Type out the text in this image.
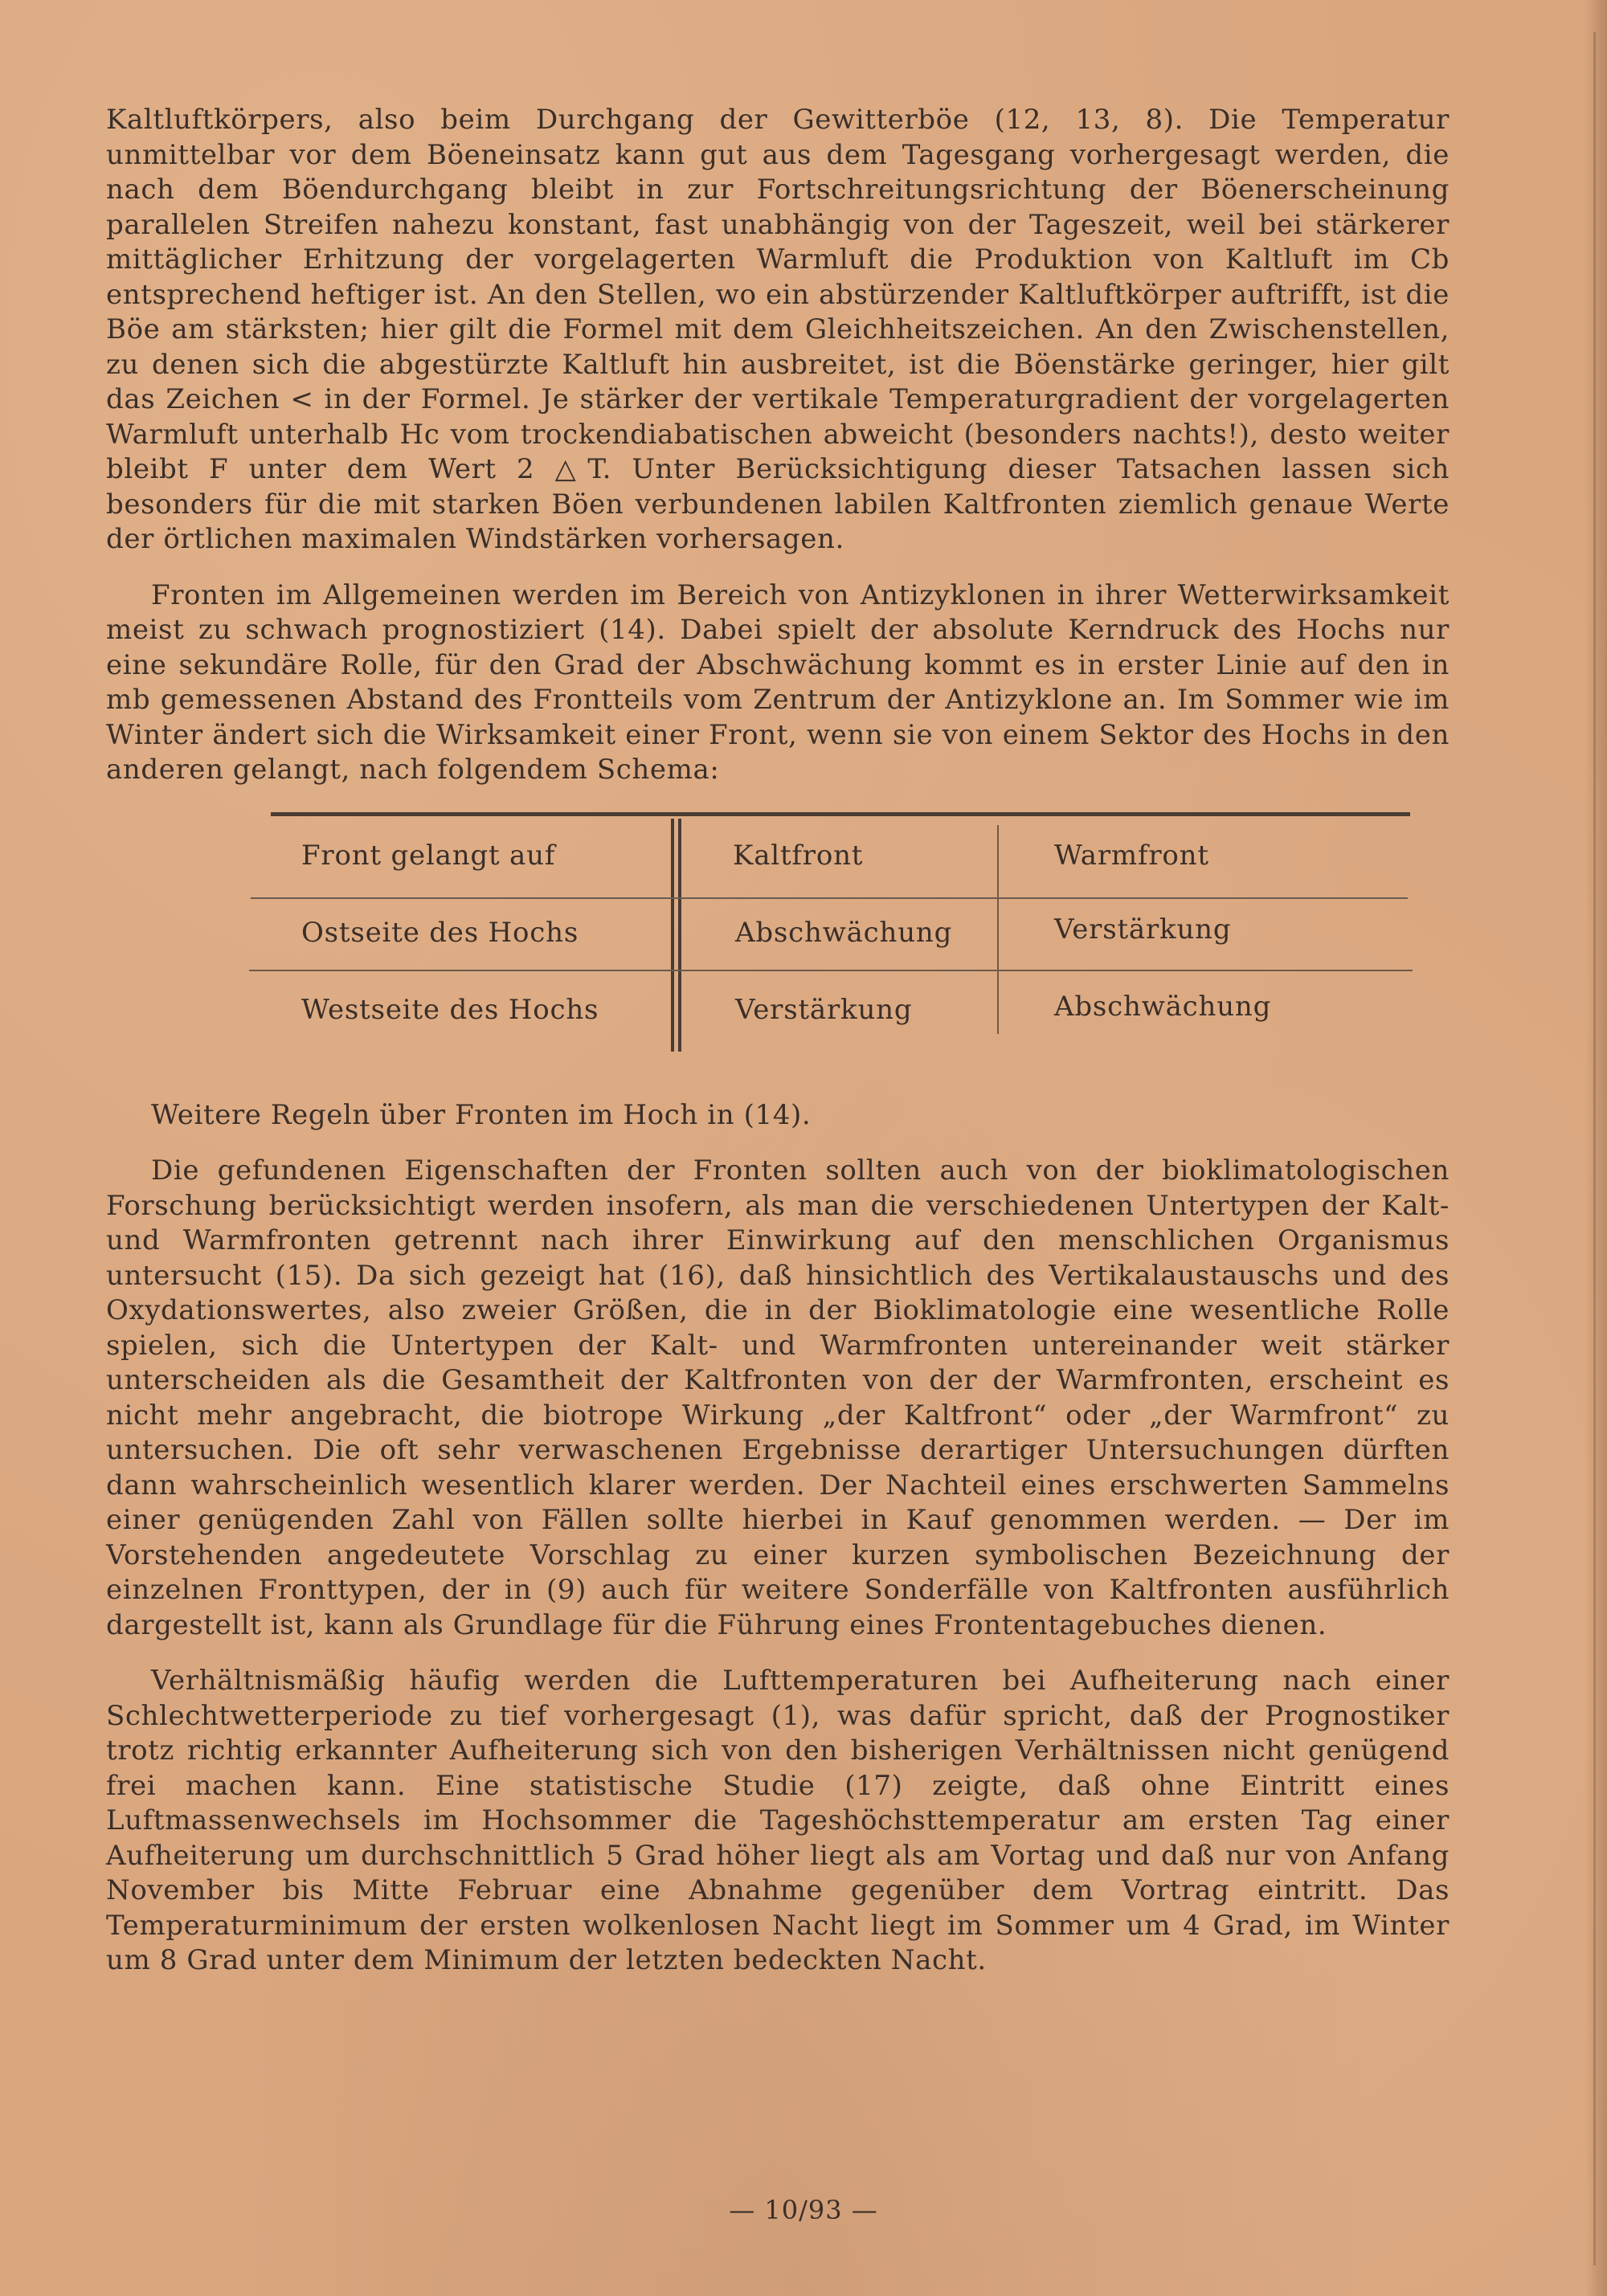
Kaltluftkörpers, also beim Durchgang der Gewitterböe (12, 13, 8). Die Temperatur unmittelbar vor dem Böeneinsatz kann gut aus dem Tagesgang vorhergesagt werden, die nach dem Böendurchgang bleibt in zur Fortschreitungsrichtung der Böenerscheinung parallelen Streifen nahezu konstant, fast unabhängig von der Tageszeit, weil bei stärkerer mittäglicher Erhitzung der vorgelagerten Warmluft die Produktion von Kaltluft im Cb entsprechend heftiger ist. An den Stellen, wo ein abstürzender Kaltluftkörper auftrifft, ist die Böe am stärksten; hier gilt die Formel mit dem Gleichheitszeichen. An den Zwischenstellen, zu denen sich die abgestürzte Kaltluft hin ausbreitet, ist die Böenstärke geringer, hier gilt das Zeichen < in der Formel. Je stärker der vertikale Temperaturgradient der vorgelagerten Warmluft unterhalb Hc vom trockendiabatischen abweicht (besonders nachts!), desto weiter bleibt F unter dem Wert 2 △T. Unter Berücksichtigung dieser Tatsachen lassen sich besonders für die mit starken Böen verbundenen labilen Kaltfronten ziemlich genaue Werte der örtlichen maximalen Windstärken vorhersagen.

Fronten im Allgemeinen werden im Bereich von Antizyklonen in ihrer Wetterwirksamkeit meist zu schwach prognostiziert (14). Dabei spielt der absolute Kerndruck des Hochs nur eine sekundäre Rolle, für den Grad der Abschwächung kommt es in erster Linie auf den in mb gemessenen Abstand des Frontteils vom Zentrum der Antizyklone an. Im Sommer wie im Winter ändert sich die Wirksamkeit einer Front, wenn sie von einem Sektor des Hochs in den anderen gelangt, nach folgendem Schema:

Front gelangt auf	Kaltfront	Warmfront
Ostseite des Hochs	Abschwächung	Verstärkung
Westseite des Hochs	Verstärkung	Abschwächung

Weitere Regeln über Fronten im Hoch in (14).

Die gefundenen Eigenschaften der Fronten sollten auch von der bioklimatologischen Forschung berücksichtigt werden insofern, als man die verschiedenen Untertypen der Kalt- und Warmfronten getrennt nach ihrer Einwirkung auf den menschlichen Organismus untersucht (15). Da sich gezeigt hat (16), daß hinsichtlich des Vertikalaustauschs und des Oxydationswertes, also zweier Größen, die in der Bioklimatologie eine wesentliche Rolle spielen, sich die Untertypen der Kalt- und Warmfronten untereinander weit stärker unterscheiden als die Gesamtheit der Kaltfronten von der der Warmfronten, erscheint es nicht mehr angebracht, die biotrope Wirkung „der Kaltfront“ oder „der Warmfront“ zu untersuchen. Die oft sehr verwaschenen Ergebnisse derartiger Untersuchungen dürften dann wahrscheinlich wesentlich klarer werden. Der Nachteil eines erschwerten Sammelns einer genügenden Zahl von Fällen sollte hierbei in Kauf genommen werden. — Der im Vorstehenden angedeutete Vorschlag zu einer kurzen symbolischen Bezeichnung der einzelnen Fronttypen, der in (9) auch für weitere Sonderfälle von Kaltfronten ausführlich dargestellt ist, kann als Grundlage für die Führung eines Frontentagebuches dienen.

Verhältnismäßig häufig werden die Lufttemperaturen bei Aufheiterung nach einer Schlechtwetterperiode zu tief vorhergesagt (1), was dafür spricht, daß der Prognostiker trotz richtig erkannter Aufheiterung sich von den bisherigen Verhältnissen nicht genügend frei machen kann. Eine statistische Studie (17) zeigte, daß ohne Eintritt eines Luftmassenwechsels im Hochsommer die Tageshöchsttemperatur am ersten Tag einer Aufheiterung um durchschnittlich 5 Grad höher liegt als am Vortag und daß nur von Anfang November bis Mitte Februar eine Abnahme gegenüber dem Vortrag eintritt. Das Temperaturminimum der ersten wolkenlosen Nacht liegt im Sommer um 4 Grad, im Winter um 8 Grad unter dem Minimum der letzten bedeckten Nacht.

— 10/93 —
